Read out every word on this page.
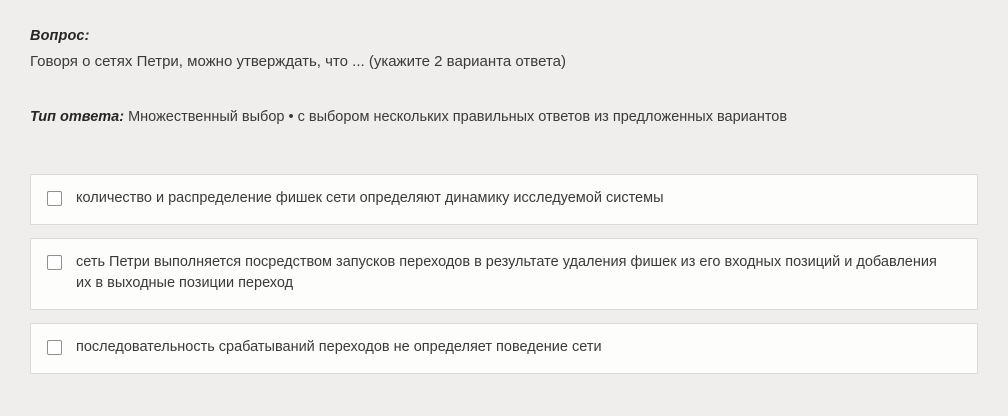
Вопрос:

Говоря о сетях Петри, можно утверждать, что ... (укажите 2 варианта ответа)

Тип ответа: Множественный выбор • с выбором нескольких правильных ответов из предложенных вариантов
количество и распределение фишек сети определяют динамику исследуемой системы
сеть Петри выполняется посредством запусков переходов в результате удаления фишек из его входных позиций и добавления их в выходные позиции переход
последовательность срабатываний переходов не определяет поведение сети
